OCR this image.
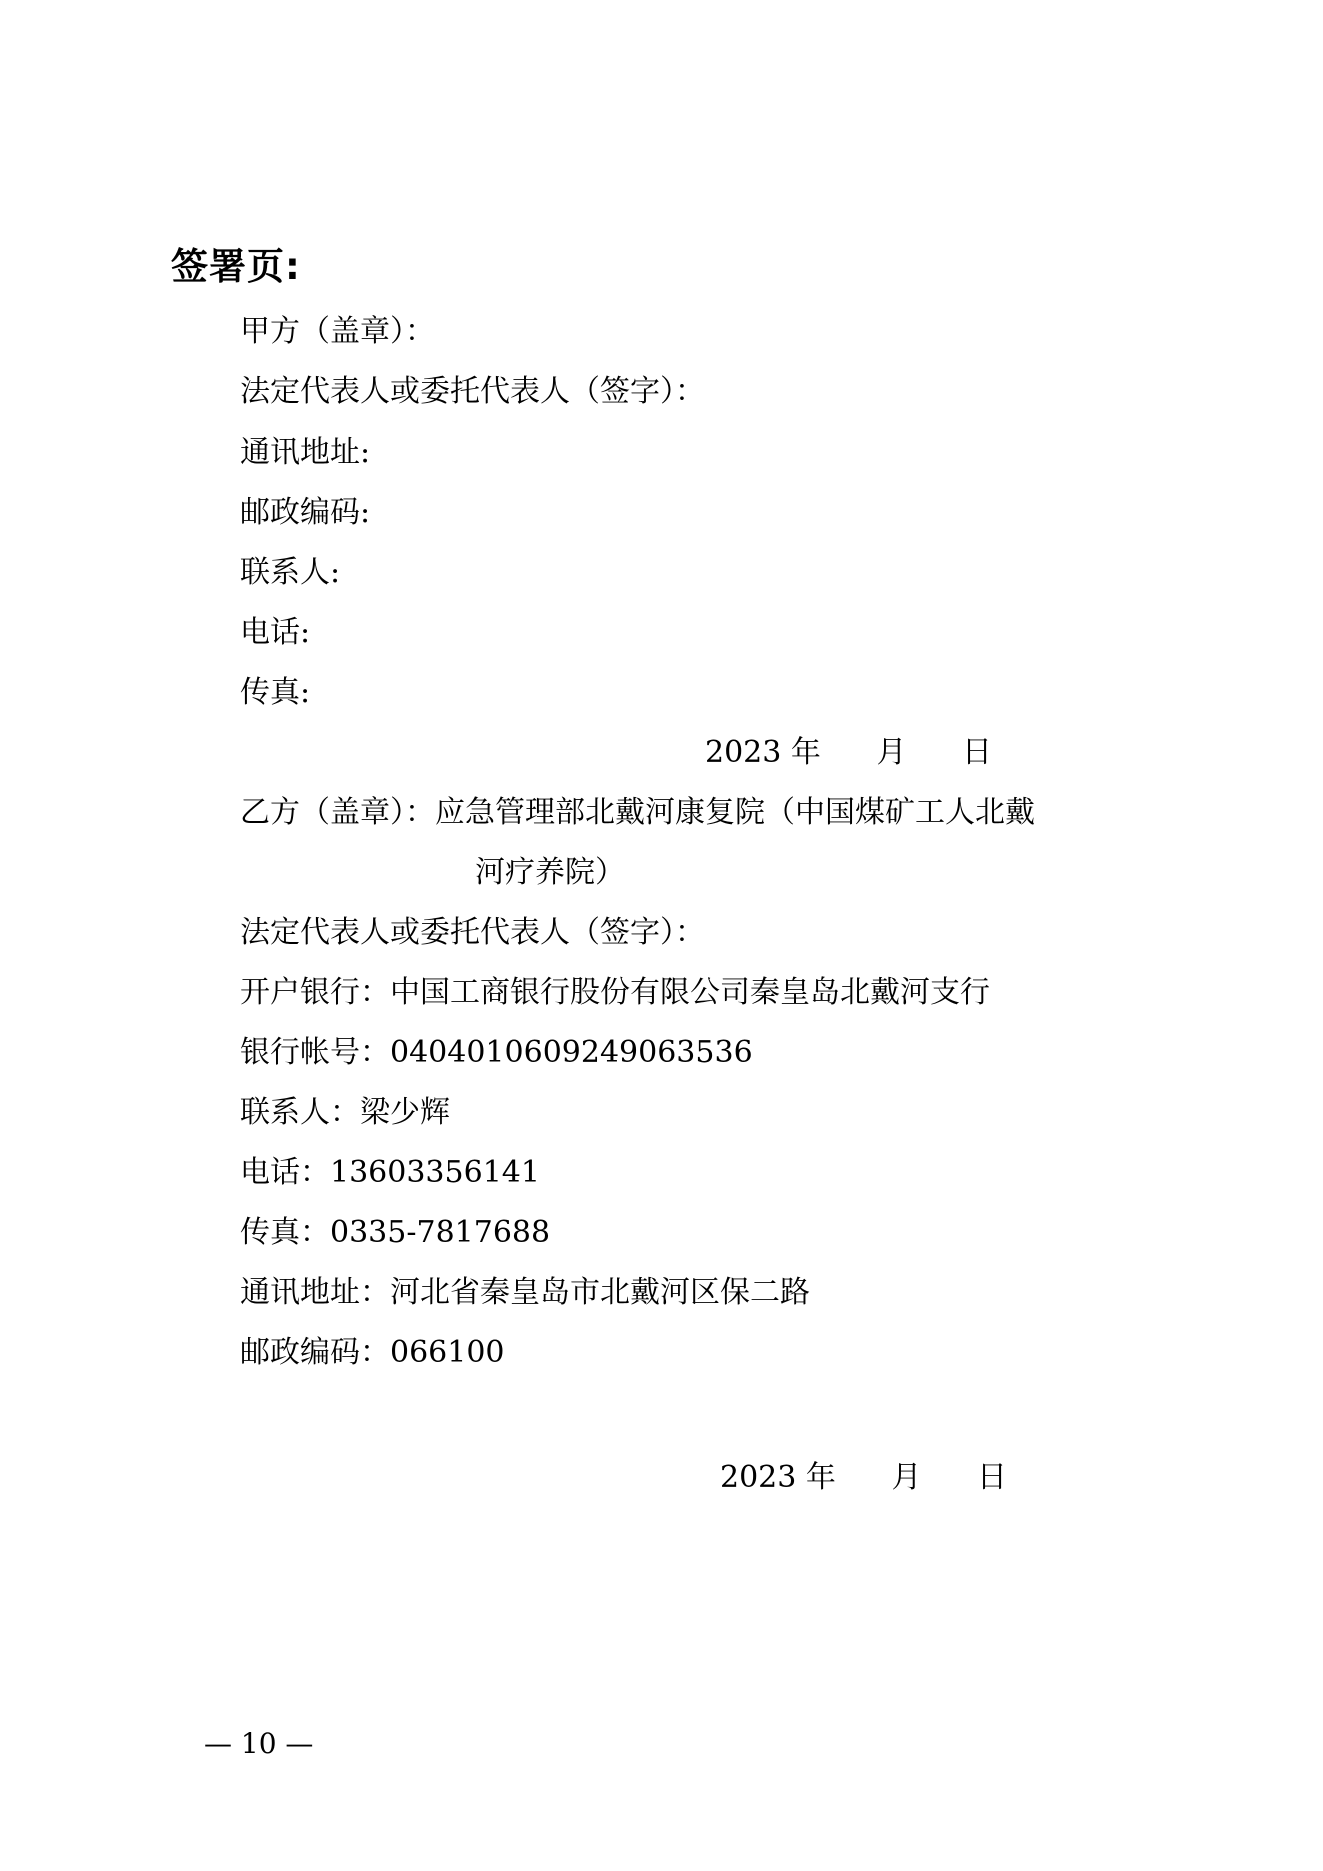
签署页:
甲方（盖章）：
法定代表人或委托代表人（签字）：
通讯地址:
邮政编码:
联系人:
电话:
传真:
2023 年 月 日
乙方（盖章）：应急管理部北戴河康复院（中国煤矿工人北戴
河疗养院）
法定代表人或委托代表人（签字）：
开户银行：中国工商银行股份有限公司秦皇岛北戴河支行
银行帐号：0404010609249063536
联系人：梁少辉
电话：13603356141
传真：0335-7817688
通讯地址：河北省秦皇岛市北戴河区保二路
邮政编码：066100
2023 年 月 日
— 10 —
